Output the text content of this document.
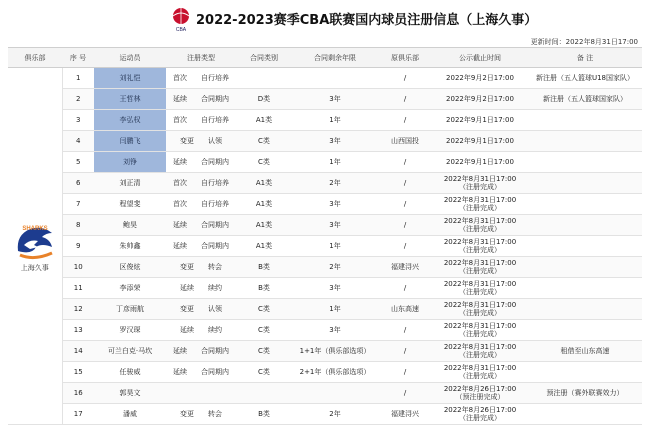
CBA
2022-2023赛季CBA联赛国内球员注册信息（上海久事）
更新时间：2022年8月31日17:00
俱乐部	序 号	运动员	注册类型	合同类别	合同剩余年限	原俱乐部	公示截止时间	备 注

SHARKS
上海久事	1	刘礼恺	首次 自行培养			/	2022年9月2日17:00	新注册（五人篮球U18国家队）
	2	王哲林	延续 合同期内	D类	3年	/	2022年9月2日17:00	新注册（五人篮球国家队）
	3	李弘权	首次 自行培养	A1类	1年	/	2022年9月1日17:00	

	4	闫鹏飞	变更 认领	C类	3年	山西国投	2022年9月1日17:00	

	5	刘铮	延续 合同期内	C类	1年	/	2022年9月1日17:00	

	6	刘正清	首次 自行培养	A1类	2年	/	2022年8月31日17:00
（注册完成）	

	7	程望斐	首次 自行培养	A1类	3年	/	2022年8月31日17:00
（注册完成）	

	8	鲍昊	延续 合同期内	A1类	3年	/	2022年8月31日17:00
（注册完成）	

	9	朱帅鑫	延续 合同期内	A1类	1年	/	2022年8月31日17:00
（注册完成）	

	10	区俊炫	变更 转会	B类	2年	福建浔兴	2022年8月31日17:00
（注册完成）	

	11	李添荣	延续 续约	B类	3年	/	2022年8月31日17:00
（注册完成）	

	12	丁彦雨航	变更 认领	C类	1年	山东高速	2022年8月31日17:00
（注册完成）	

	13	罗汉琛	延续 续约	C类	3年	/	2022年8月31日17:00
（注册完成）	

	14	可兰白克·马坎	延续 合同期内	C类	1+1年（俱乐部选项）	/	2022年8月31日17:00
（注册完成）	租借至山东高速
	15	任骏威	延续 合同期内	C类	2+1年（俱乐部选项）	/	2022年8月31日17:00
（注册完成）	

	16	郭昊文				/	2022年8月26日17:00
（预注册完成）	预注册（赛外联赛效力）
	17	潘威	变更 转会	B类	2年	福建浔兴	2022年8月26日17:00
（注册完成）	
